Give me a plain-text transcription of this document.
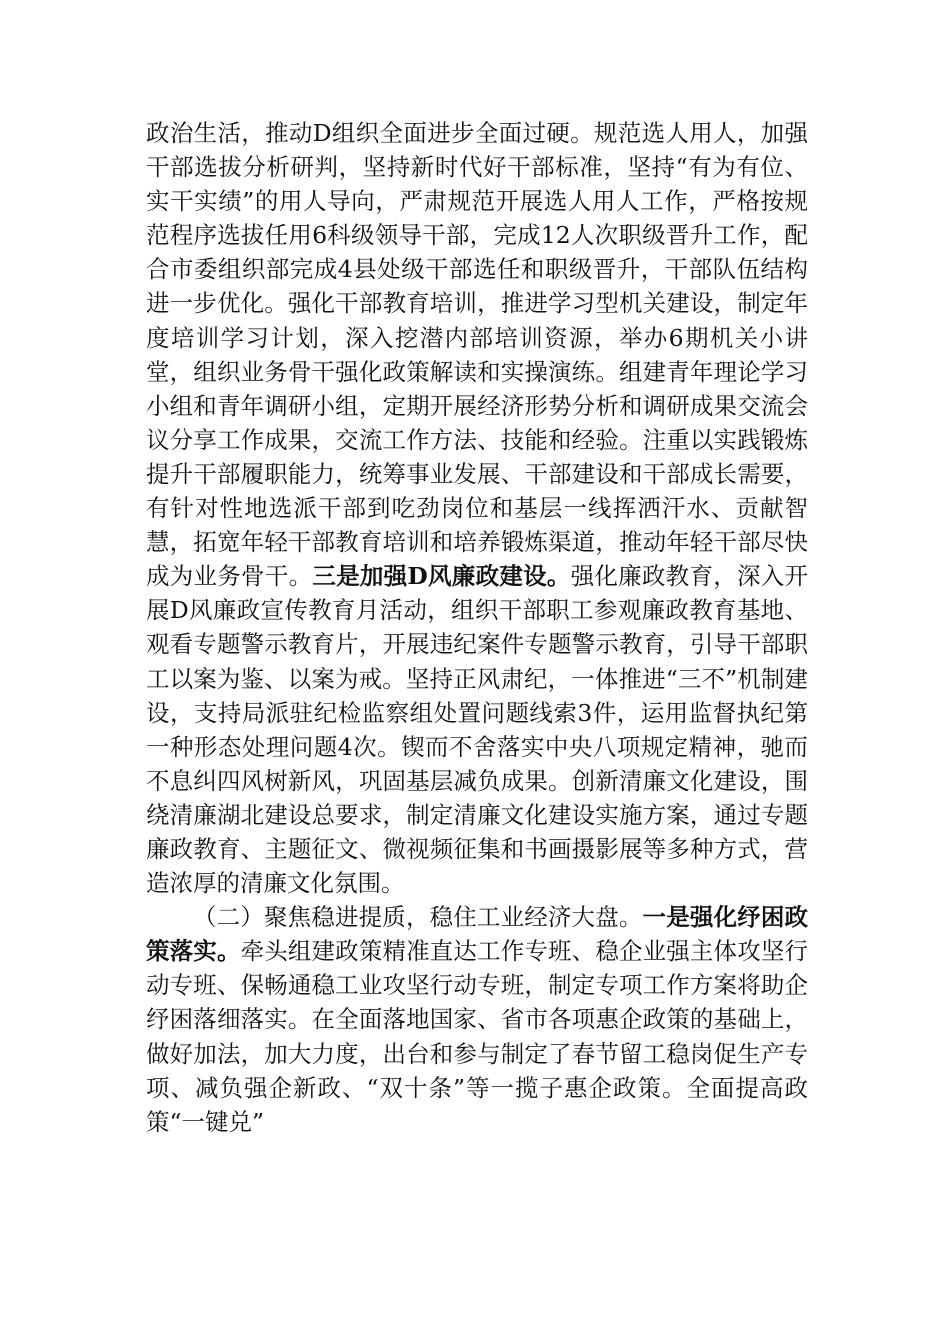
政治生活，推动D组织全面进步全面过硬。规范选人用人，加强干部选拔分析研判，坚持新时代好干部标准，坚持“有为有位、实干实绩”的用人导向，严肃规范开展选人用人工作，严格按规范程序选拔任用6科级领导干部，完成12人次职级晋升工作，配合市委组织部完成4县处级干部选任和职级晋升，干部队伍结构进一步优化。强化干部教育培训，推进学习型机关建设，制定年度培训学习计划，深入挖潜内部培训资源，举办6期机关小讲堂，组织业务骨干强化政策解读和实操演练。组建青年理论学习小组和青年调研小组，定期开展经济形势分析和调研成果交流会议分享工作成果，交流工作方法、技能和经验。注重以实践锻炼提升干部履职能力，统筹事业发展、干部建设和干部成长需要，有针对性地选派干部到吃劲岗位和基层一线挥洒汗水、贡献智慧，拓宽年轻干部教育培训和培养锻炼渠道，推动年轻干部尽快成为业务骨干。三是加强D风廉政建设。强化廉政教育，深入开展D风廉政宣传教育月活动，组织干部职工参观廉政教育基地、观看专题警示教育片，开展违纪案件专题警示教育，引导干部职工以案为鉴、以案为戒。坚持正风肃纪，一体推进“三不”机制建设，支持局派驻纪检监察组处置问题线索3件，运用监督执纪第一种形态处理问题4次。锲而不舍落实中央八项规定精神，驰而不息纠四风树新风，巩固基层减负成果。创新清廉文化建设，围绕清廉湖北建设总要求，制定清廉文化建设实施方案，通过专题廉政教育、主题征文、微视频征集和书画摄影展等多种方式，营造浓厚的清廉文化氛围。

（二）聚焦稳进提质，稳住工业经济大盘。一是强化纾困政策落实。牵头组建政策精准直达工作专班、稳企业强主体攻坚行动专班、保畅通稳工业攻坚行动专班，制定专项工作方案将助企纾困落细落实。在全面落地国家、省市各项惠企政策的基础上，做好加法，加大力度，出台和参与制定了春节留工稳岗促生产专项、减负强企新政、“双十条”等一揽子惠企政策。全面提高政策“一键兑”
